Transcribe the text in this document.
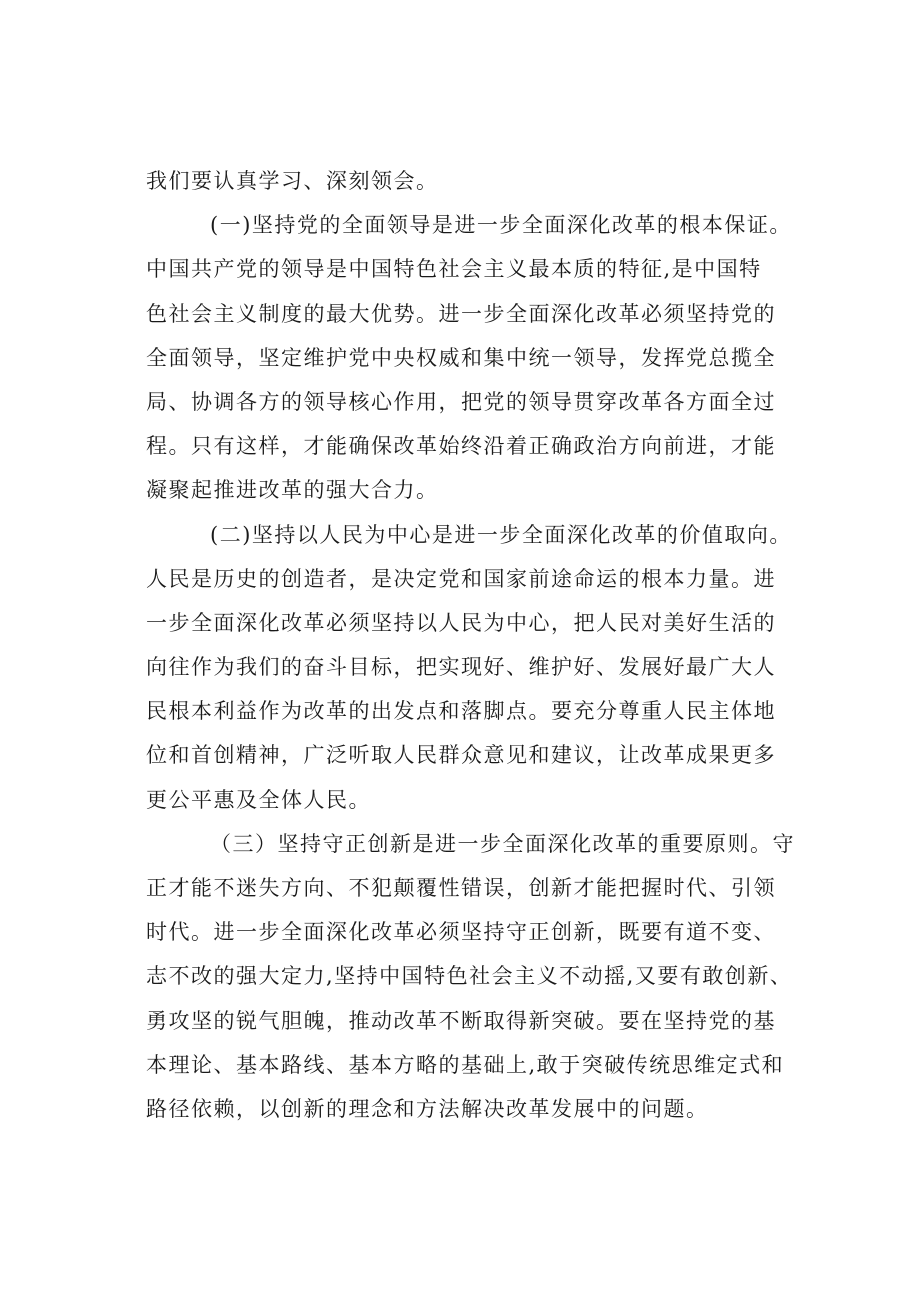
我们要认真学习、深刻领会。
(一)坚持党的全面领导是进一步全面深化改革的根本保证。
中国共产党的领导是中国特色社会主义最本质的特征,是中国特
色社会主义制度的最大优势。进一步全面深化改革必须坚持党的
全面领导，坚定维护党中央权威和集中统一领导，发挥党总揽全
局、协调各方的领导核心作用，把党的领导贯穿改革各方面全过
程。只有这样，才能确保改革始终沿着正确政治方向前进，才能
凝聚起推进改革的强大合力。
(二)坚持以人民为中心是进一步全面深化改革的价值取向。
人民是历史的创造者，是决定党和国家前途命运的根本力量。进
一步全面深化改革必须坚持以人民为中心，把人民对美好生活的
向往作为我们的奋斗目标，把实现好、维护好、发展好最广大人
民根本利益作为改革的出发点和落脚点。要充分尊重人民主体地
位和首创精神，广泛听取人民群众意见和建议，让改革成果更多
更公平惠及全体人民。
（三）坚持守正创新是进一步全面深化改革的重要原则。守
正才能不迷失方向、不犯颠覆性错误，创新才能把握时代、引领
时代。进一步全面深化改革必须坚持守正创新，既要有道不变、
志不改的强大定力,坚持中国特色社会主义不动摇,又要有敢创新、
勇攻坚的锐气胆魄，推动改革不断取得新突破。要在坚持党的基
本理论、基本路线、基本方略的基础上,敢于突破传统思维定式和
路径依赖，以创新的理念和方法解决改革发展中的问题。
